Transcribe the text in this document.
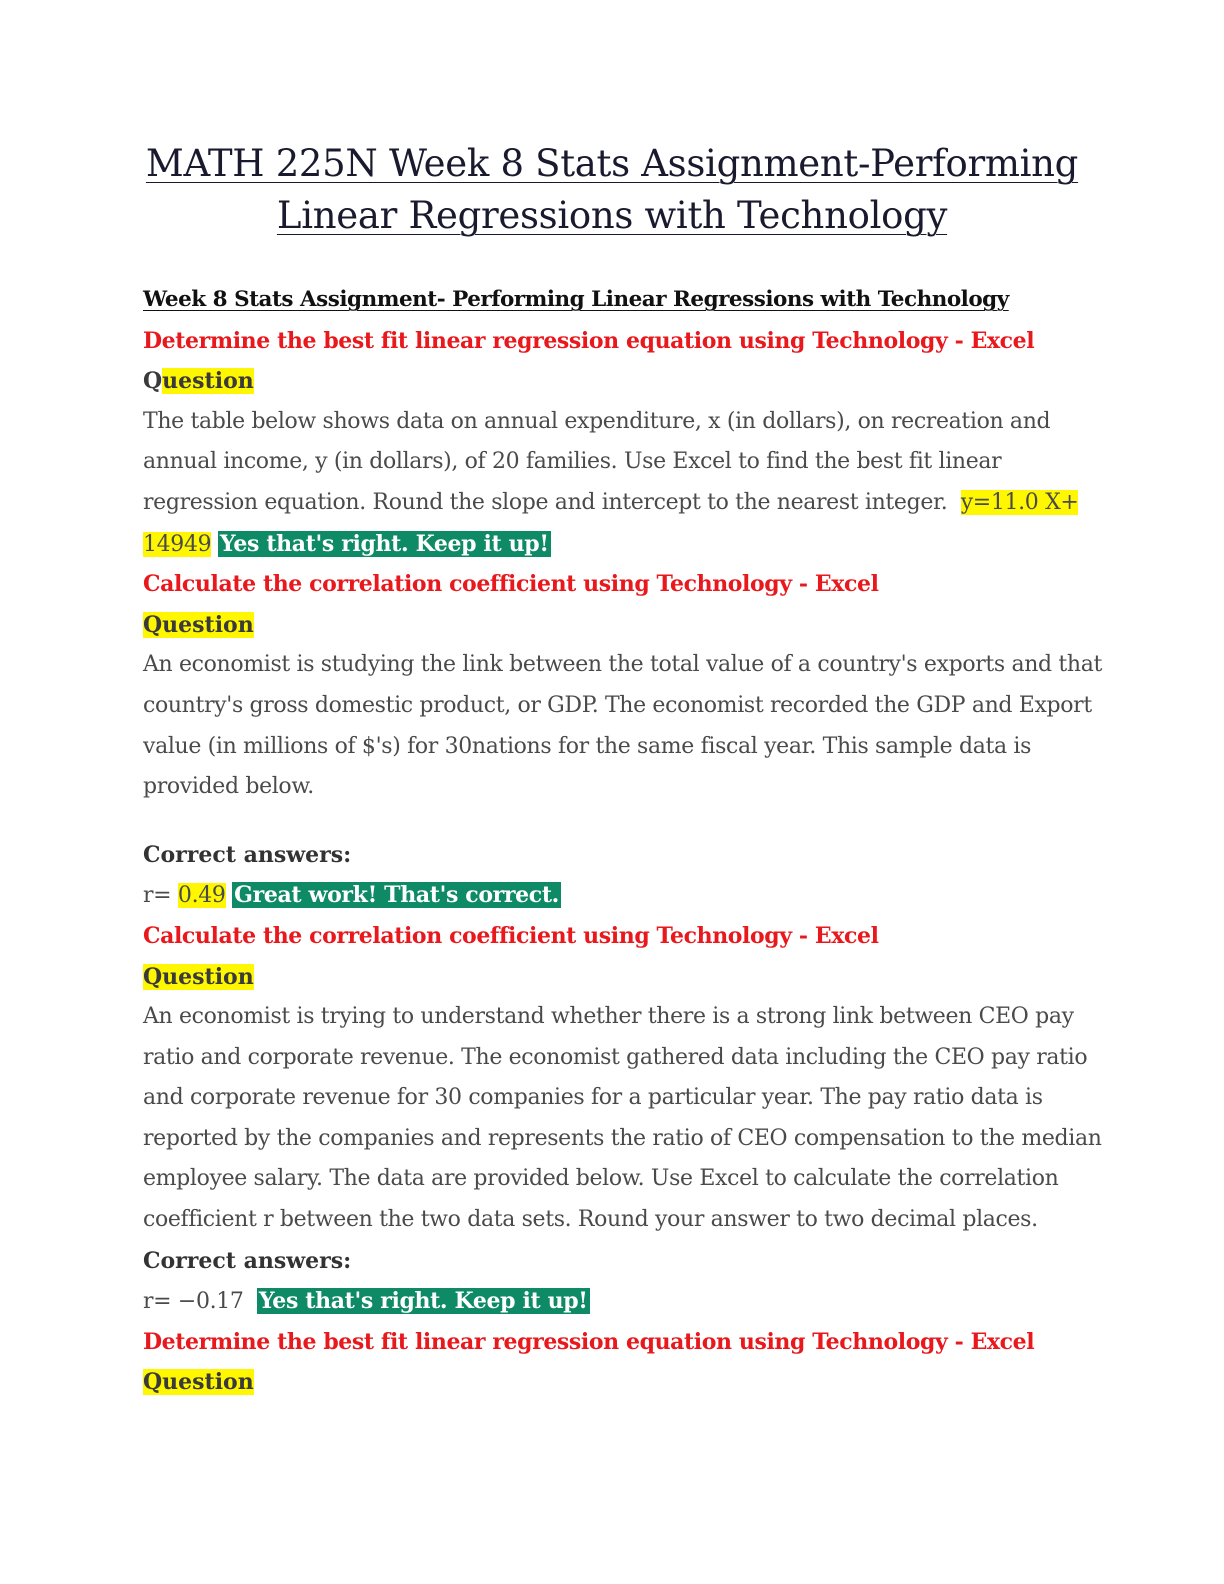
MATH 225N Week 8 Stats Assignment-Performing
Linear Regressions with Technology
Week 8 Stats Assignment- Performing Linear Regressions with Technology
Determine the best fit linear regression equation using Technology - Excel
Question
The table below shows data on annual expenditure, x (in dollars), on recreation and
annual income, y (in dollars), of 20 families. Use Excel to find the best fit linear
regression equation. Round the slope and intercept to the nearest integer. y=11.0 X+
14949 Yes that's right. Keep it up!
Calculate the correlation coefficient using Technology - Excel
Question
An economist is studying the link between the total value of a country's exports and that
country's gross domestic product, or GDP. The economist recorded the GDP and Export
value (in millions of $'s) for 30nations for the same fiscal year. This sample data is
provided below.
Correct answers:
r= 0.49 Great work! That's correct.
Calculate the correlation coefficient using Technology - Excel
Question
An economist is trying to understand whether there is a strong link between CEO pay
ratio and corporate revenue. The economist gathered data including the CEO pay ratio
and corporate revenue for 30 companies for a particular year. The pay ratio data is
reported by the companies and represents the ratio of CEO compensation to the median
employee salary. The data are provided below. Use Excel to calculate the correlation
coefficient r between the two data sets. Round your answer to two decimal places.
Correct answers:
r= −0.17 Yes that's right. Keep it up!
Determine the best fit linear regression equation using Technology - Excel
Question
